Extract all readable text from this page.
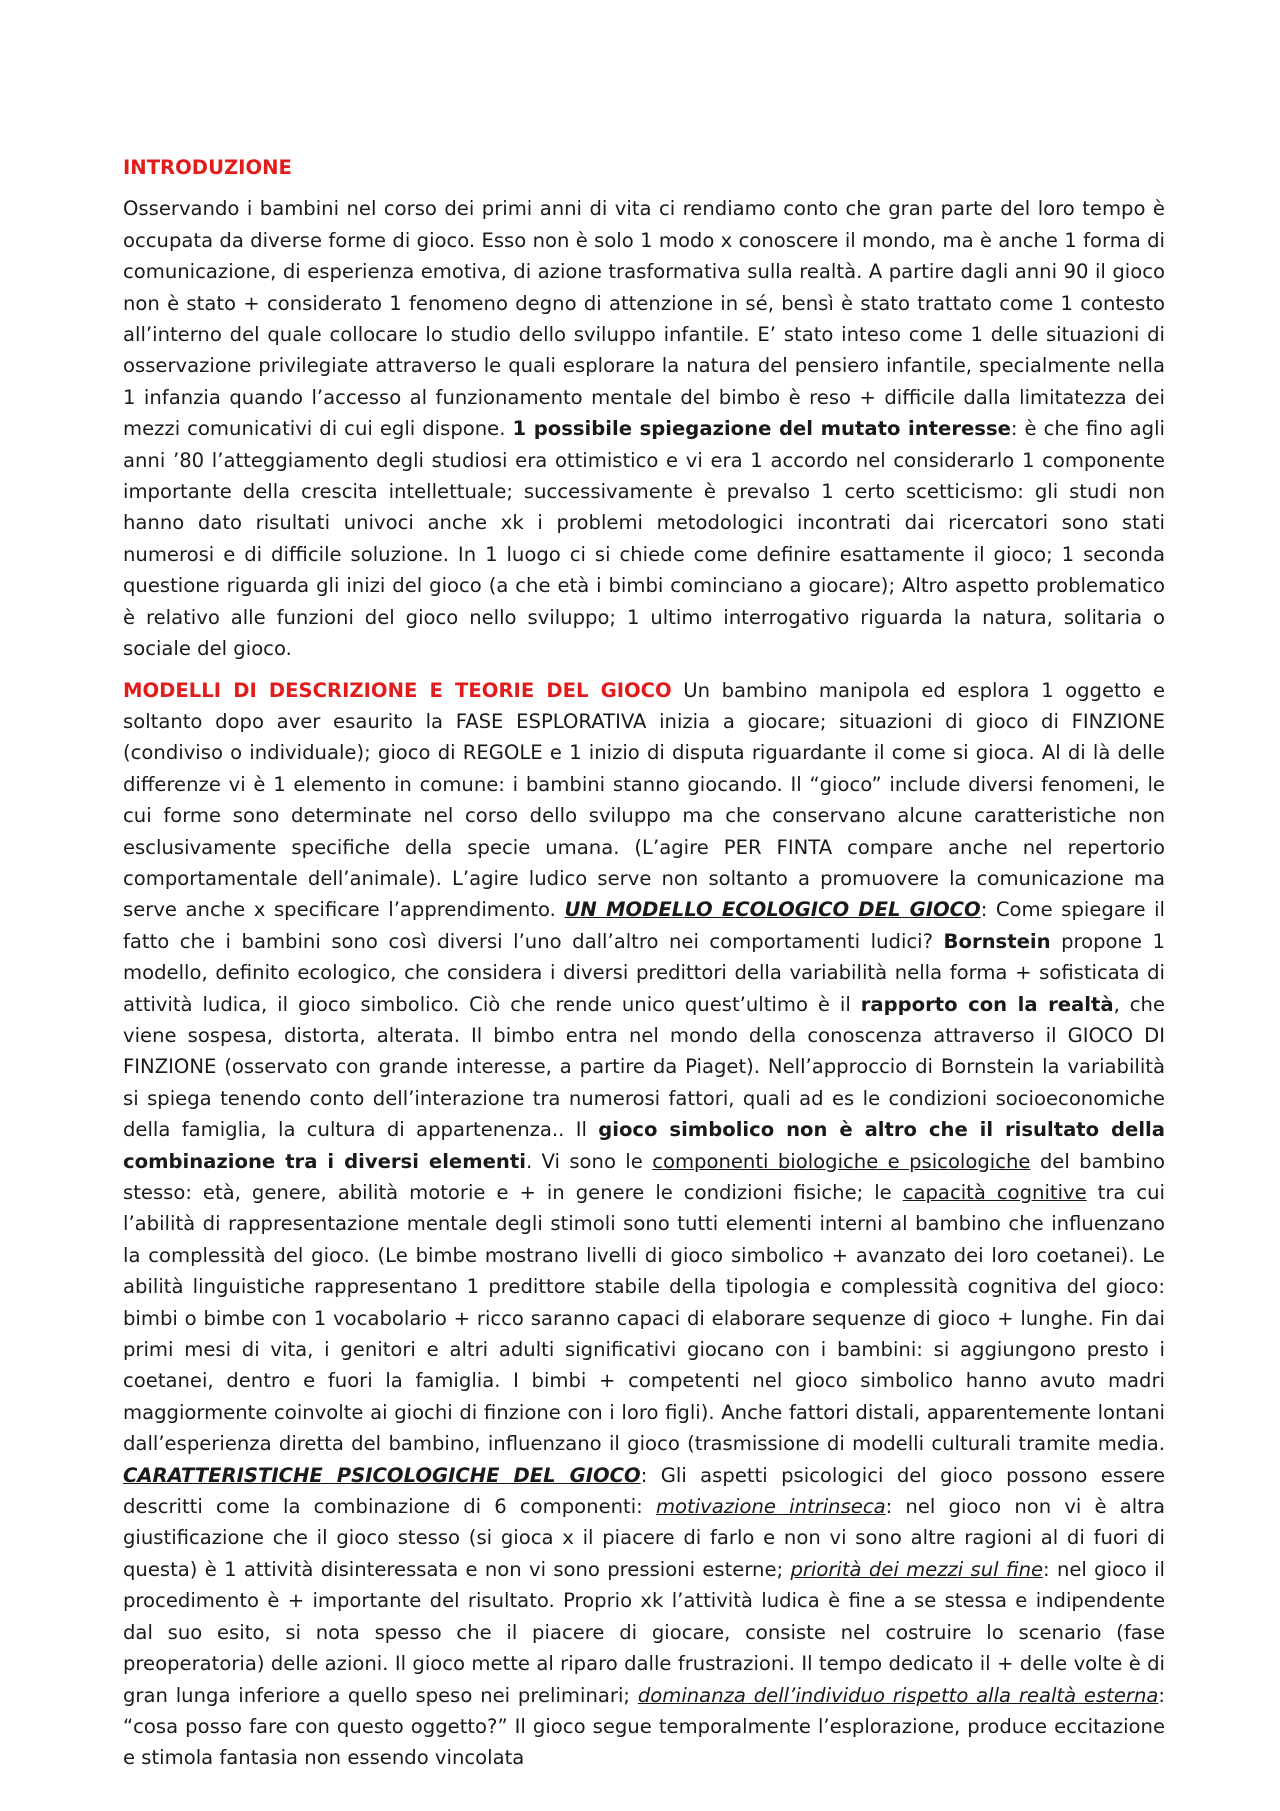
INTRODUZIONE

Osservando i bambini nel corso dei primi anni di vita ci rendiamo conto che gran parte del loro tempo è occupata da diverse forme di gioco. Esso non è solo 1 modo x conoscere il mondo, ma è anche 1 forma di comunicazione, di esperienza emotiva, di azione trasformativa sulla realtà. A partire dagli anni 90 il gioco non è stato + considerato 1 fenomeno degno di attenzione in sé, bensì è stato trattato come 1 contesto all’interno del quale collocare lo studio dello sviluppo infantile. E’ stato inteso come 1 delle situazioni di osservazione privilegiate attraverso le quali esplorare la natura del pensiero infantile, specialmente nella 1 infanzia quando l’accesso al funzionamento mentale del bimbo è reso + difficile dalla limitatezza dei mezzi comunicativi di cui egli dispone. 1 possibile spiegazione del mutato interesse: è che fino agli anni ’80 l’atteggiamento degli studiosi era ottimistico e vi era 1 accordo nel considerarlo 1 componente importante della crescita intellettuale; successivamente è prevalso 1 certo scetticismo: gli studi non hanno dato risultati univoci anche xk i problemi metodologici incontrati dai ricercatori sono stati numerosi e di difficile soluzione. In 1 luogo ci si chiede come definire esattamente il gioco; 1 seconda questione riguarda gli inizi del gioco (a che età i bimbi cominciano a giocare); Altro aspetto problematico è relativo alle funzioni del gioco nello sviluppo; 1 ultimo interrogativo riguarda la natura, solitaria o sociale del gioco.

MODELLI DI DESCRIZIONE E TEORIE DEL GIOCO Un bambino manipola ed esplora 1 oggetto e soltanto dopo aver esaurito la FASE ESPLORATIVA inizia a giocare; situazioni di gioco di FINZIONE (condiviso o individuale); gioco di REGOLE e 1 inizio di disputa riguardante il come si gioca. Al di là delle differenze vi è 1 elemento in comune: i bambini stanno giocando. Il “gioco” include diversi fenomeni, le cui forme sono determinate nel corso dello sviluppo ma che conservano alcune caratteristiche non esclusivamente specifiche della specie umana. (L’agire PER FINTA compare anche nel repertorio comportamentale dell’animale). L’agire ludico serve non soltanto a promuovere la comunicazione ma serve anche x specificare l’apprendimento. UN MODELLO ECOLOGICO DEL GIOCO: Come spiegare il fatto che i bambini sono così diversi l’uno dall’altro nei comportamenti ludici? Bornstein propone 1 modello, definito ecologico, che considera i diversi predittori della variabilità nella forma + sofisticata di attività ludica, il gioco simbolico. Ciò che rende unico quest’ultimo è il rapporto con la realtà, che viene sospesa, distorta, alterata. Il bimbo entra nel mondo della conoscenza attraverso il GIOCO DI FINZIONE (osservato con grande interesse, a partire da Piaget). Nell’approccio di Bornstein la variabilità si spiega tenendo conto dell’interazione tra numerosi fattori, quali ad es le condizioni socioeconomiche della famiglia, la cultura di appartenenza.. Il gioco simbolico non è altro che il risultato della combinazione tra i diversi elementi. Vi sono le componenti biologiche e psicologiche del bambino stesso: età, genere, abilità motorie e + in genere le condizioni fisiche; le capacità cognitive tra cui l’abilità di rappresentazione mentale degli stimoli sono tutti elementi interni al bambino che influenzano la complessità del gioco. (Le bimbe mostrano livelli di gioco simbolico + avanzato dei loro coetanei). Le abilità linguistiche rappresentano 1 predittore stabile della tipologia e complessità cognitiva del gioco: bimbi o bimbe con 1 vocabolario + ricco saranno capaci di elaborare sequenze di gioco + lunghe. Fin dai primi mesi di vita, i genitori e altri adulti significativi giocano con i bambini: si aggiungono presto i coetanei, dentro e fuori la famiglia. I bimbi + competenti nel gioco simbolico hanno avuto madri maggiormente coinvolte ai giochi di finzione con i loro figli). Anche fattori distali, apparentemente lontani dall’esperienza diretta del bambino, influenzano il gioco (trasmissione di modelli culturali tramite media. CARATTERISTICHE PSICOLOGICHE DEL GIOCO: Gli aspetti psicologici del gioco possono essere descritti come la combinazione di 6 componenti: motivazione intrinseca: nel gioco non vi è altra giustificazione che il gioco stesso (si gioca x il piacere di farlo e non vi sono altre ragioni al di fuori di questa) è 1 attività disinteressata e non vi sono pressioni esterne; priorità dei mezzi sul fine: nel gioco il procedimento è + importante del risultato. Proprio xk l’attività ludica è fine a se stessa e indipendente dal suo esito, si nota spesso che il piacere di giocare, consiste nel costruire lo scenario (fase preoperatoria) delle azioni. Il gioco mette al riparo dalle frustrazioni. Il tempo dedicato il + delle volte è di gran lunga inferiore a quello speso nei preliminari; dominanza dell’individuo rispetto alla realtà esterna: “cosa posso fare con questo oggetto?” Il gioco segue temporalmente l’esplorazione, produce eccitazione e stimola fantasia non essendo vincolata
